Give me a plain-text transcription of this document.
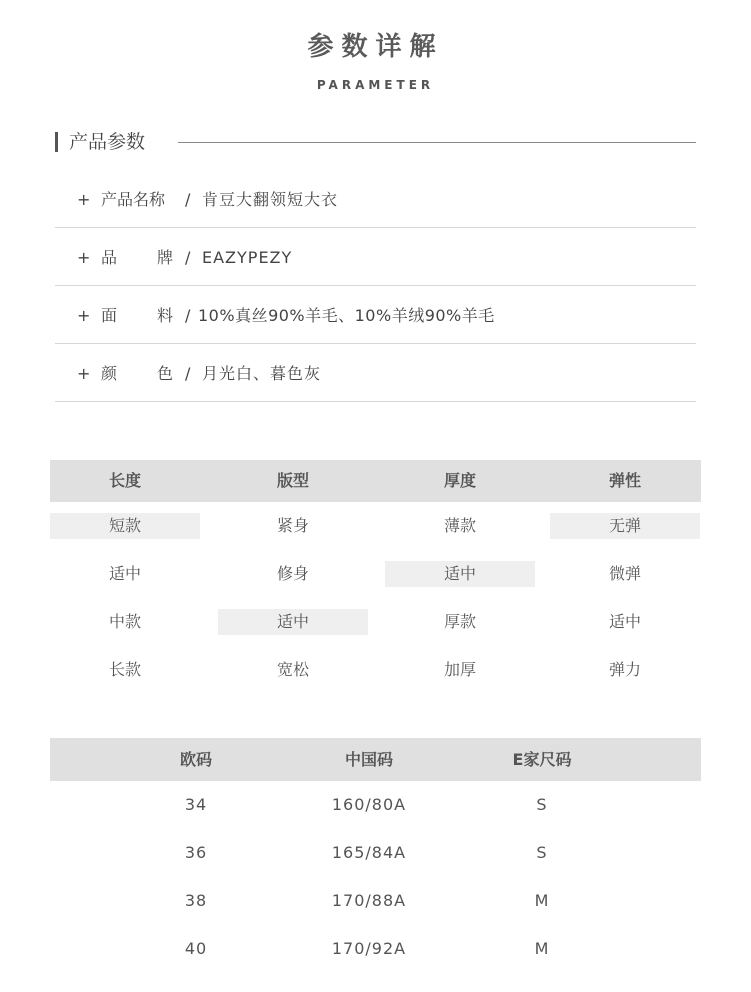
参数详解
PARAMETER
产品参数
+ 产品名称	/ 肯豆大翻领短大衣
+ 品 牌 / EAZYPEZY
+ 面 料 / 10%真丝90%羊毛、10%羊绒90%羊毛
+ 颜 色 / 月光白、暮色灰
长度	版型	厚度	弹性
短款	紧身	薄款	无弹
适中	修身	适中	微弹
中款	适中	厚款	适中
长款	宽松	加厚	弹力
欧码	中国码	E家尺码
34	160/80A	S
36	165/84A	S
38	170/88A	M
40	170/92A	M
